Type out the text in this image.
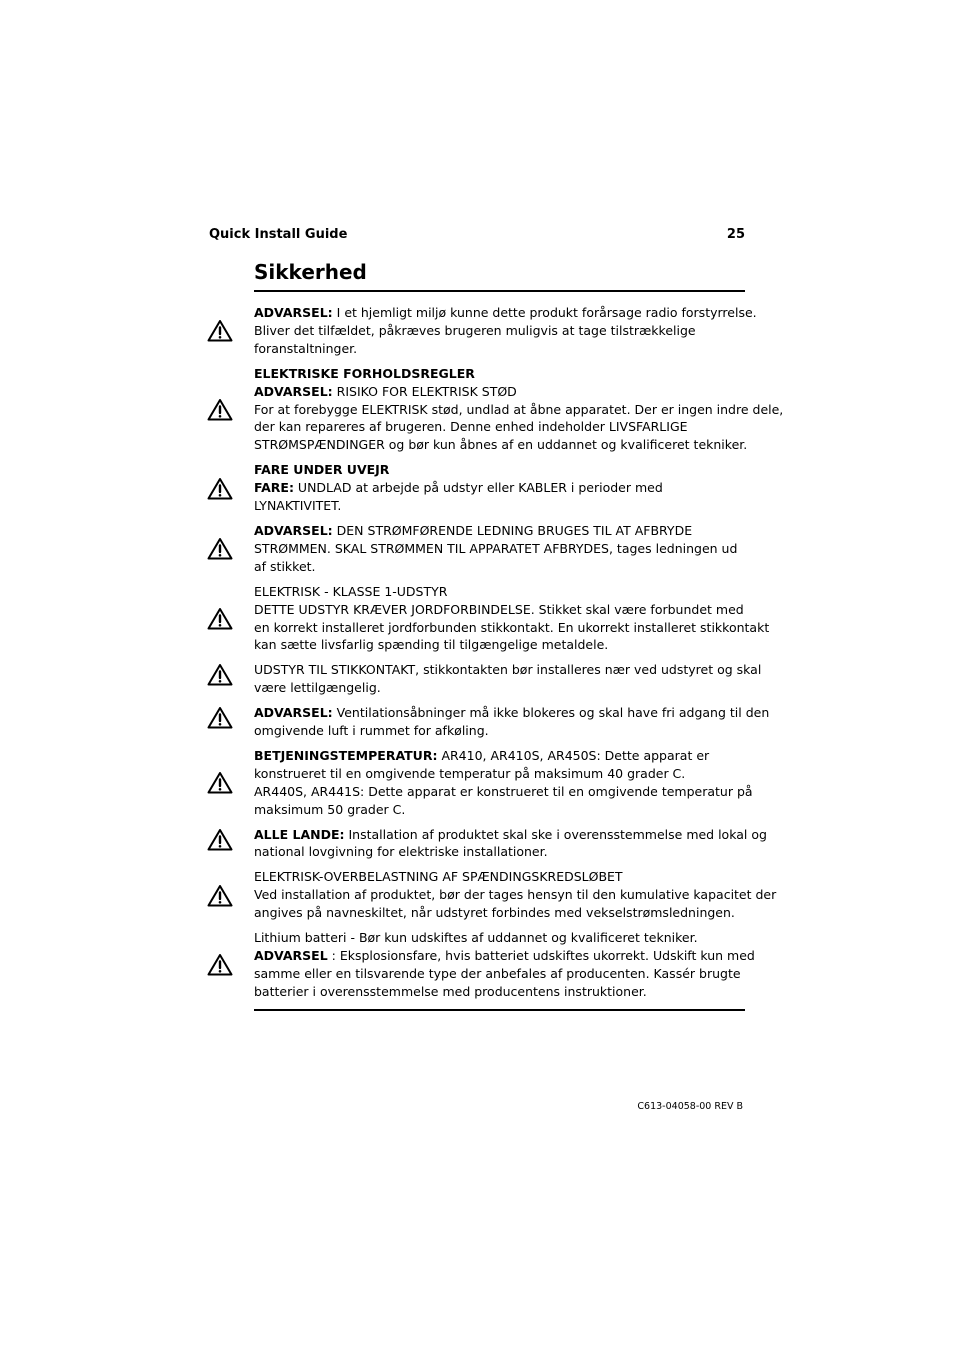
Quick Install Guide	25
Sikkerhed
ADVARSEL: I et hjemligt miljø kunne dette produkt forårsage radio forstyrrelse.
Bliver det tilfældet, påkræves brugeren muligvis at tage tilstrækkelige
foranstaltninger.
ELEKTRISKE FORHOLDSREGLER
ADVARSEL: RISIKO FOR ELEKTRISK STØD
For at forebygge ELEKTRISK stød, undlad at åbne apparatet. Der er ingen indre dele,
der kan repareres af brugeren. Denne enhed indeholder LIVSFARLIGE
STRØMSPÆNDINGER og bør kun åbnes af en uddannet og kvalificeret tekniker.
FARE UNDER UVEJR
FARE: UNDLAD at arbejde på udstyr eller KABLER i perioder med
LYNAKTIVITET.
ADVARSEL: DEN STRØMFØRENDE LEDNING BRUGES TIL AT AFBRYDE
STRØMMEN. SKAL STRØMMEN TIL APPARATET AFBRYDES, tages ledningen ud
af stikket.
ELEKTRISK - KLASSE 1-UDSTYR
DETTE UDSTYR KRÆVER JORDFORBINDELSE. Stikket skal være forbundet med
en korrekt installeret jordforbunden stikkontakt. En ukorrekt installeret stikkontakt
kan sætte livsfarlig spænding til tilgængelige metaldele.
UDSTYR TIL STIKKONTAKT, stikkontakten bør installeres nær ved udstyret og skal
være lettilgængelig.
ADVARSEL: Ventilationsåbninger må ikke blokeres og skal have fri adgang til den
omgivende luft i rummet for afkøling.
BETJENINGSTEMPERATUR: AR410, AR410S, AR450S: Dette apparat er
konstrueret til en omgivende temperatur på maksimum 40 grader C.
AR440S, AR441S: Dette apparat er konstrueret til en omgivende temperatur på
maksimum 50 grader C.
ALLE LANDE: Installation af produktet skal ske i overensstemmelse med lokal og
national lovgivning for elektriske installationer.
ELEKTRISK-OVERBELASTNING AF SPÆNDINGSKREDSLØBET
Ved installation af produktet, bør der tages hensyn til den kumulative kapacitet der
angives på navneskiltet, når udstyret forbindes med vekselstrømsledningen.
Lithium batteri - Bør kun udskiftes af uddannet og kvalificeret tekniker.
ADVARSEL : Eksplosionsfare, hvis batteriet udskiftes ukorrekt. Udskift kun med
samme eller en tilsvarende type der anbefales af producenten. Kassér brugte
batterier i overensstemmelse med producentens instruktioner.
C613-04058-00 REV B
